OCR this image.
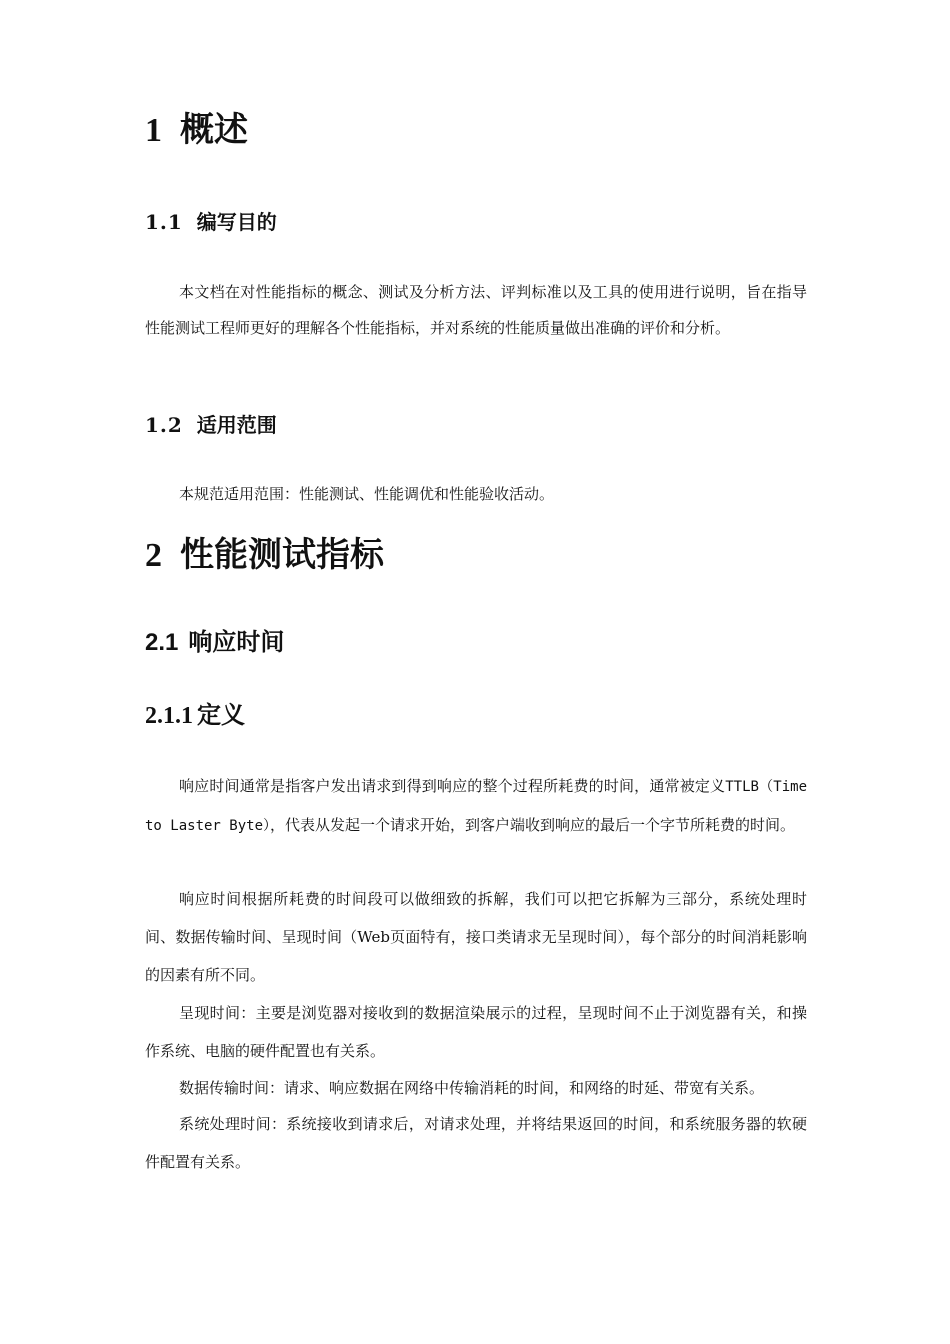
1 概述
1.1 编写目的

本文档在对性能指标的概念、测试及分析方法、评判标准以及工具的使用进行说明，旨在指导性能测试工程师更好的理解各个性能指标，并对系统的性能质量做出准确的评价和分析。

1.2 适用范围

本规范适用范围：性能测试、性能调优和性能验收活动。

2 性能测试指标
2.1 响应时间
2.1.1 定义

响应时间通常是指客户发出请求到得到响应的整个过程所耗费的时间，通常被定义TTLB（Time to Laster Byte），代表从发起一个请求开始，到客户端收到响应的最后一个字节所耗费的时间。

响应时间根据所耗费的时间段可以做细致的拆解，我们可以把它拆解为三部分，系统处理时间、数据传输时间、呈现时间（Web页面特有，接口类请求无呈现时间），每个部分的时间消耗影响的因素有所不同。

呈现时间：主要是浏览器对接收到的数据渲染展示的过程，呈现时间不止于浏览器有关，和操作系统、电脑的硬件配置也有关系。

数据传输时间：请求、响应数据在网络中传输消耗的时间，和网络的时延、带宽有关系。

系统处理时间：系统接收到请求后，对请求处理，并将结果返回的时间，和系统服务器的软硬件配置有关系。
